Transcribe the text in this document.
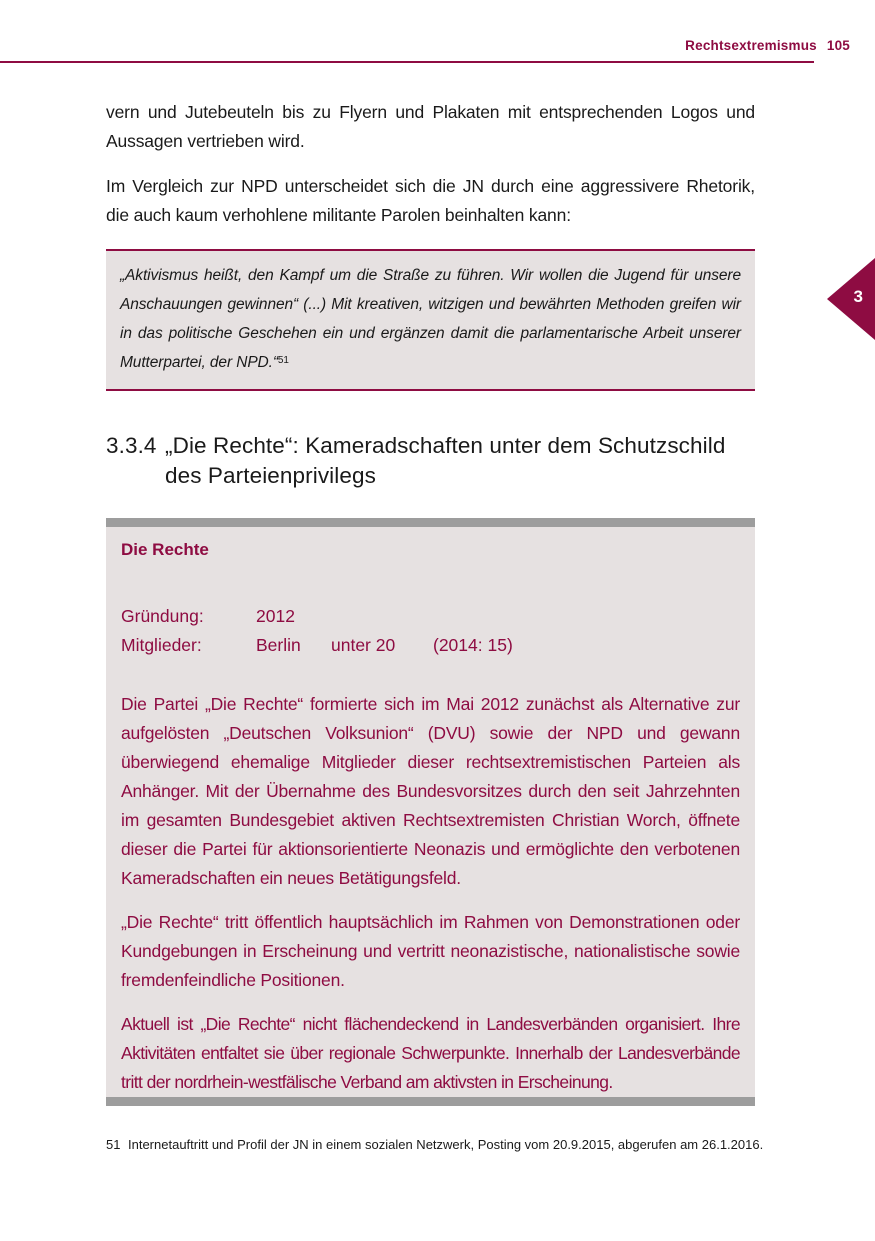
Rechtsextremismus 105
3

vern und Jutebeuteln bis zu Flyern und Plakaten mit entsprechenden Logos und Aussagen vertrieben wird.

Im Vergleich zur NPD unterscheidet sich die JN durch eine aggressivere Rhetorik, die auch kaum verhohlene militante Parolen beinhalten kann:

„Aktivismus heißt, den Kampf um die Straße zu führen. Wir wollen die Jugend für unsere Anschauungen gewinnen“ (...) Mit kreativen, witzigen und bewährten Methoden greifen wir in das politische Geschehen ein und ergänzen damit die parlamentarische Arbeit unserer Mutterpartei, der NPD.“$^{51}$

3.3.4 „Die Rechte“: Kameradschaften unter dem Schutzschild des Parteienprivilegs
Die Rechte
Gründung:	2012
Mitglieder:	Berlin	unter 20	(2014: 15)

Die Partei „Die Rechte“ formierte sich im Mai 2012 zunächst als Alternative zur aufgelösten „Deutschen Volksunion“ (DVU) sowie der NPD und gewann überwiegend ehemalige Mitglieder dieser rechtsextremistischen Parteien als Anhänger. Mit der Übernahme des Bundesvorsitzes durch den seit Jahrzehnten im gesamten Bundesgebiet aktiven Rechtsextremisten Christian Worch, öffnete dieser die Partei für aktionsorientierte Neonazis und ermöglichte den verbotenen Kameradschaften ein neues Betätigungsfeld.

„Die Rechte“ tritt öffentlich hauptsächlich im Rahmen von Demonstrationen oder Kundgebungen in Erscheinung und vertritt neonazistische, nationalistische sowie fremdenfeindliche Positionen.

Aktuell ist „Die Rechte“ nicht flächendeckend in Landesverbänden organisiert. Ihre Aktivitäten entfaltet sie über regionale Schwerpunkte. Innerhalb der Landesverbände tritt der nordrhein-westfälische Verband am aktivsten in Erscheinung.

51 Internetauftritt und Profil der JN in einem sozialen Netzwerk, Posting vom 20.9.2015, abgerufen am 26.1.2016.
